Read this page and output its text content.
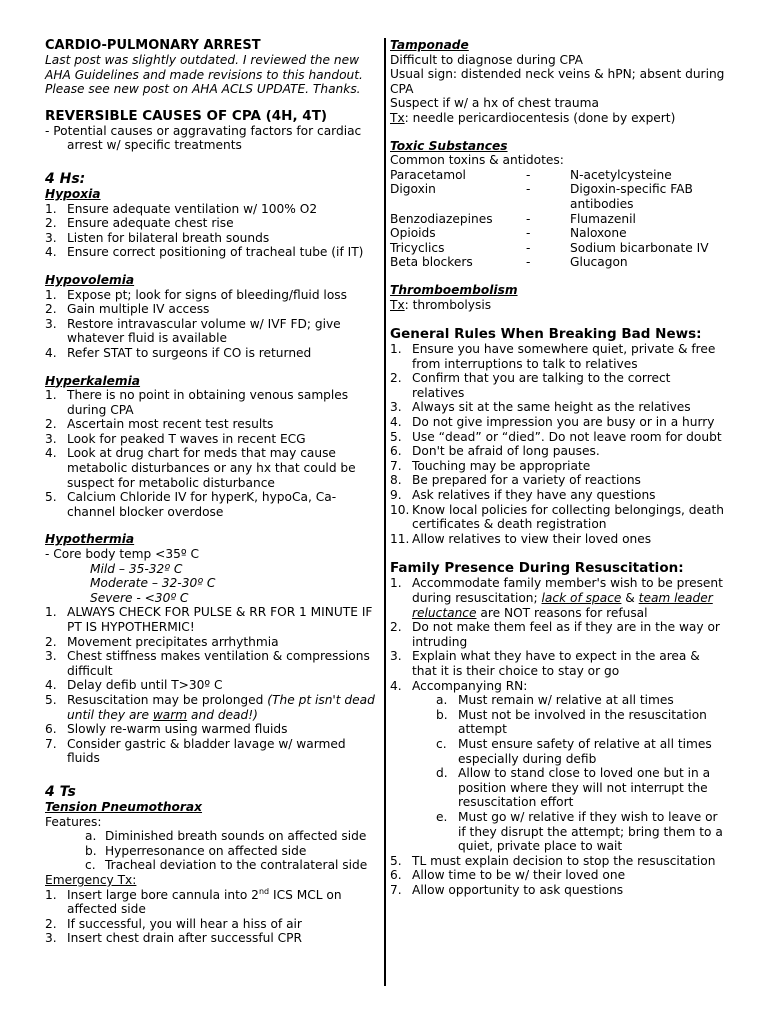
CARDIO-PULMONARY ARREST

Last post was slightly outdated. I reviewed the new

AHA Guidelines and made revisions to this handout.

Please see new post on AHA ACLS UPDATE. Thanks.

REVERSIBLE CAUSES OF CPA (4H, 4T)

- Potential causes or aggravating factors for cardiac arrest w/ specific treatments

4 Hs:

Hypoxia

1. Ensure adequate ventilation w/ 100% O2
2. Ensure adequate chest rise
3. Listen for bilateral breath sounds
4. Ensure correct positioning of tracheal tube (if IT)

Hypovolemia

1. Expose pt; look for signs of bleeding/fluid loss
2. Gain multiple IV access
3. Restore intravascular volume w/ IVF FD; give whatever fluid is available
4. Refer STAT to surgeons if CO is returned

Hyperkalemia

1. There is no point in obtaining venous samples during CPA
2. Ascertain most recent test results
3. Look for peaked T waves in recent ECG
4. Look at drug chart for meds that may cause metabolic disturbances or any hx that could be suspect for metabolic disturbance
5. Calcium Chloride IV for hyperK, hypoCa, Ca-channel blocker overdose

Hypothermia

- Core body temp <35º C

Mild – 35-32º C

Moderate – 32-30º C

Severe - <30º C

1. ALWAYS CHECK FOR PULSE & RR FOR 1 MINUTE IF PT IS HYPOTHERMIC!
2. Movement precipitates arrhythmia
3. Chest stiffness makes ventilation & compressions difficult
4. Delay defib until T>30º C
5. Resuscitation may be prolonged (The pt isn't dead until they are warm and dead!)
6. Slowly re-warm using warmed fluids
7. Consider gastric & bladder lavage w/ warmed fluids

4 Ts

Tension Pneumothorax

Features:

a. Diminished breath sounds on affected side
b. Hyperresonance on affected side
c. Tracheal deviation to the contralateral side

Emergency Tx:

1. Insert large bore cannula into 2nd ICS MCL on affected side
2. If successful, you will hear a hiss of air
3. Insert chest drain after successful CPR

Tamponade

Difficult to diagnose during CPA

Usual sign: distended neck veins & hPN; absent during CPA

Suspect if w/ a hx of chest trauma

Tx: needle pericardiocentesis (done by expert)

Toxic Substances

Common toxins & antidotes:

Paracetamol	-	N-acetylcysteine
Digoxin	-	Digoxin-specific FAB antibodies
Benzodiazepines	-	Flumazenil
Opioids	-	Naloxone
Tricyclics	-	Sodium bicarbonate IV
Beta blockers	-	Glucagon

Thromboembolism

Tx: thrombolysis

General Rules When Breaking Bad News:

1. Ensure you have somewhere quiet, private & free from interruptions to talk to relatives
2. Confirm that you are talking to the correct relatives
3. Always sit at the same height as the relatives
4. Do not give impression you are busy or in a hurry
5. Use “dead” or “died”. Do not leave room for doubt
6. Don't be afraid of long pauses.
7. Touching may be appropriate
8. Be prepared for a variety of reactions
9. Ask relatives if they have any questions
10. Know local policies for collecting belongings, death certificates & death registration
11. Allow relatives to view their loved ones

Family Presence During Resuscitation:

1. Accommodate family member's wish to be present during resuscitation; lack of space & team leader reluctance are NOT reasons for refusal
2. Do not make them feel as if they are in the way or intruding
3. Explain what they have to expect in the area & that it is their choice to stay or go
4. Accompanying RN:
a. Must remain w/ relative at all times
b. Must not be involved in the resuscitation attempt
c. Must ensure safety of relative at all times especially during defib
d. Allow to stand close to loved one but in a position where they will not interrupt the resuscitation effort
e. Must go w/ relative if they wish to leave or if they disrupt the attempt; bring them to a quiet, private place to wait
5. TL must explain decision to stop the resuscitation
6. Allow time to be w/ their loved one
7. Allow opportunity to ask questions
